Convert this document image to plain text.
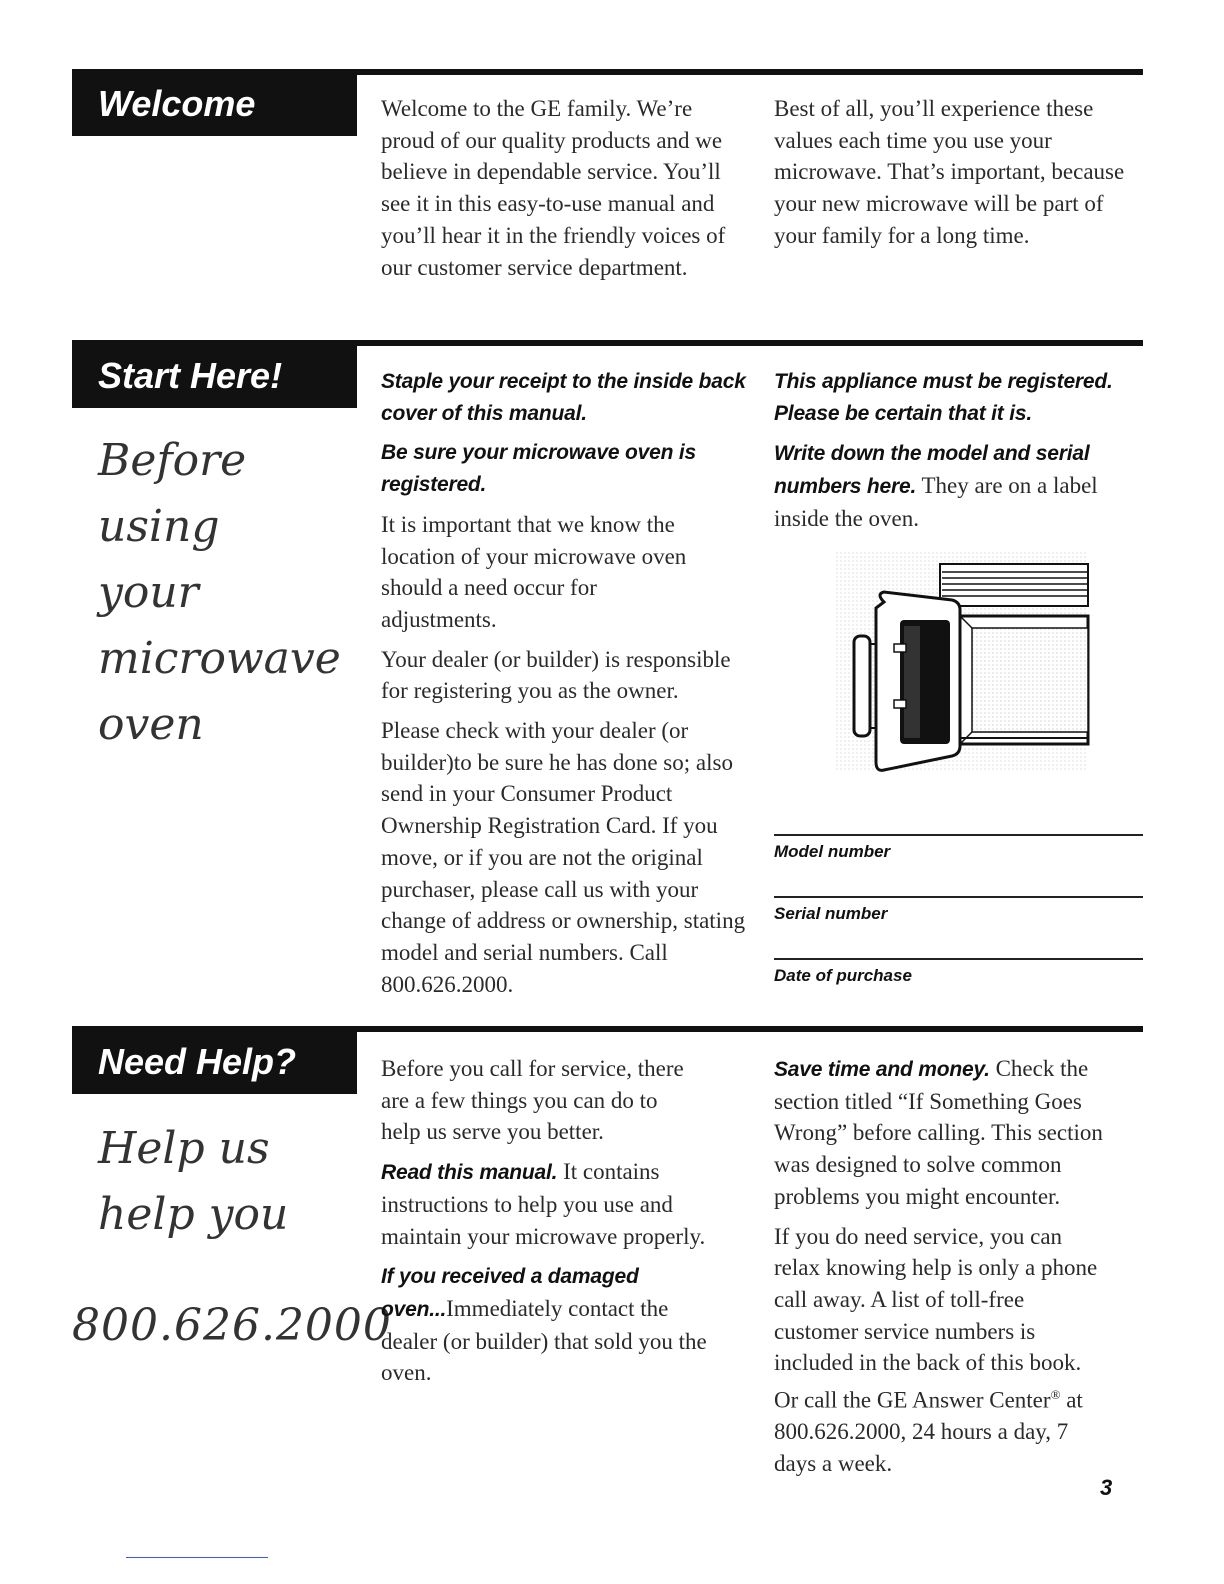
Welcome	Welcome to the GE family. We’re proud of our quality products and we believe in dependable service. You’ll see it in this easy-to-use manual and you’ll hear it in the friendly voices of our customer service department.

Best of all, you’ll experience these values each time you use your microwave. That’s important, because your new microwave will be part of your family for a long time.

Start Here!
Before
using
your
microwave
oven

Staple your receipt to the inside back cover of this manual.

Be sure your microwave oven is registered.

It is important that we know the location of your microwave oven should a need occur for adjustments.

Your dealer (or builder) is responsible for registering you as the owner.

Please check with your dealer (or builder)to be sure he has done so; also send in your Consumer Product Ownership Registration Card. If you move, or if you are not the original purchaser, please call us with your change of address or ownership, stating model and serial numbers. Call 800.626.2000.

This appliance must be registered. Please be certain that it is.

Write down the model and serial numbers here. They are on a label inside the oven.

Model number
Serial number
Date of purchase
Need Help?
Help us
help you
800.626.2000

Before you call for service, there are a few things you can do to help us serve you better.

Read this manual. It contains instructions to help you use and maintain your microwave properly.

If you received a damaged oven...Immediately contact the dealer (or builder) that sold you the oven.

Save time and money. Check the section titled “If Something Goes Wrong” before calling. This section was designed to solve common problems you might encounter.

If you do need service, you can relax knowing help is only a phone call away. A list of toll-free customer service numbers is included in the back of this book. Or call the GE Answer Center® at 800.626.2000, 24 hours a day, 7 days a week.

3
